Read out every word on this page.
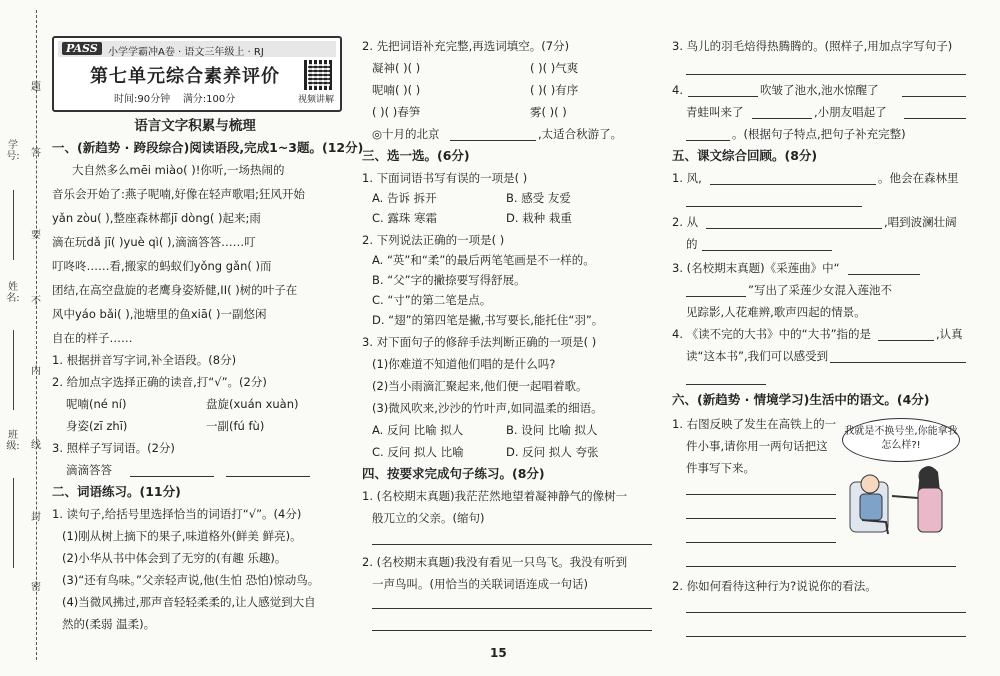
题
答
要
不
内
线
封
密
学号:
姓名:
班级:
PASS	小学学霸冲A卷 · 语文三年级上 · RJ
第七单元综合素养评价
时间:90分钟 满分:100分	视频讲解
语言文字积累与梳理
一、(新趋势 · 跨段综合)阅读语段,完成1~3题。(12分)
大自然多么mēi miào( )!你听,一场热闹的
音乐会开始了:燕子呢喃,好像在轻声歌唱;狂风开始
yǎn zòu( ),整座森林都jī dòng( )起来;雨
滴在玩dǎ jī( )yuè qì( ),滴滴答答……叮
叮咚咚……看,搬家的蚂蚁们yǒng gǎn( )而
团结,在高空盘旋的老鹰身姿矫健,II( )树的叶子在
风中yáo bǎi( ),池塘里的鱼xiā( )一副悠闲
自在的样子……
1. 根据拼音写字词,补全语段。(8分)
2. 给加点字选择正确的读音,打“√”。(2分)
呢喃(né ní)	盘旋(xuán xuàn)
身姿(zī zhī)	一副(fú fù)
3. 照样子写词语。(2分)
滴滴答答
二、词语练习。(11分)
1. 读句子,给括号里选择恰当的词语打“√”。(4分)
(1)刚从树上摘下的果子,味道格外(鲜美 鲜亮)。
(2)小华从书中体会到了无穷的(有趣 乐趣)。
(3)“还有鸟味。”父亲轻声说,他(生怕 恐怕)惊动鸟。
(4)当微风拂过,那声音轻轻柔柔的,让人感觉到大自
然的(柔弱 温柔)。
2. 先把词语补充完整,再选词填空。(7分)
凝神( )( )	( )( )气爽
呢喃( )( )	( )( )有序
( )( )春笋	雾( )( )
◎十月的北京	,太适合秋游了。
三、选一选。(6分)
1. 下面词语书写有误的一项是( )
A. 告诉 拆开	B. 感受 友爱
C. 露珠 寒霜	D. 栽种 栽重
2. 下列说法正确的一项是( )
A. “英”和“柔”的最后两笔笔画是不一样的。
B. “父”字的撇捺要写得舒展。
C. “寸”的第二笔是点。
D. “翅”的第四笔是撇,书写要长,能托住“羽”。
3. 对下面句子的修辞手法判断正确的一项是( )
(1)你难道不知道他们唱的是什么吗?
(2)当小雨滴汇聚起来,他们便一起唱着歌。
(3)微风吹来,沙沙的竹叶声,如同温柔的细语。
A. 反问 比喻 拟人	B. 设问 比喻 拟人
C. 反问 拟人 比喻	D. 反问 拟人 夸张
四、按要求完成句子练习。(8分)
1. (名校期末真题)我茫茫然地望着凝神静气的像树一
般兀立的父亲。(缩句)
2. (名校期末真题)我没有看见一只鸟飞。我没有听到
一声鸟叫。(用恰当的关联词语连成一句话)
3. 鸟儿的羽毛焙得热腾腾的。(照样子,用加点字写句子)
4.	吹皱了池水,池水惊醒了
青蛙叫来了	,小朋友唱起了
。(根据句子特点,把句子补充完整)
五、课文综合回顾。(8分)
1. 风,	。他会在森林里
2. 从	,唱到波澜壮阔
的
3. (名校期末真题)《采莲曲》中“
”写出了采莲少女混入莲池不
见踪影,人花难辨,歌声四起的情景。
4. 《读不完的大书》中的“大书”指的是	,认真
读“这本书”,我们可以感受到
六、(新趋势 · 情境学习)生活中的语文。(4分)
1. 右图反映了发生在高铁上的一
件小事,请你用一两句话把这
件事写下来。
我就是不换号坐,你能拿我怎么样?!
2. 你如何看待这种行为?说说你的看法。
15
